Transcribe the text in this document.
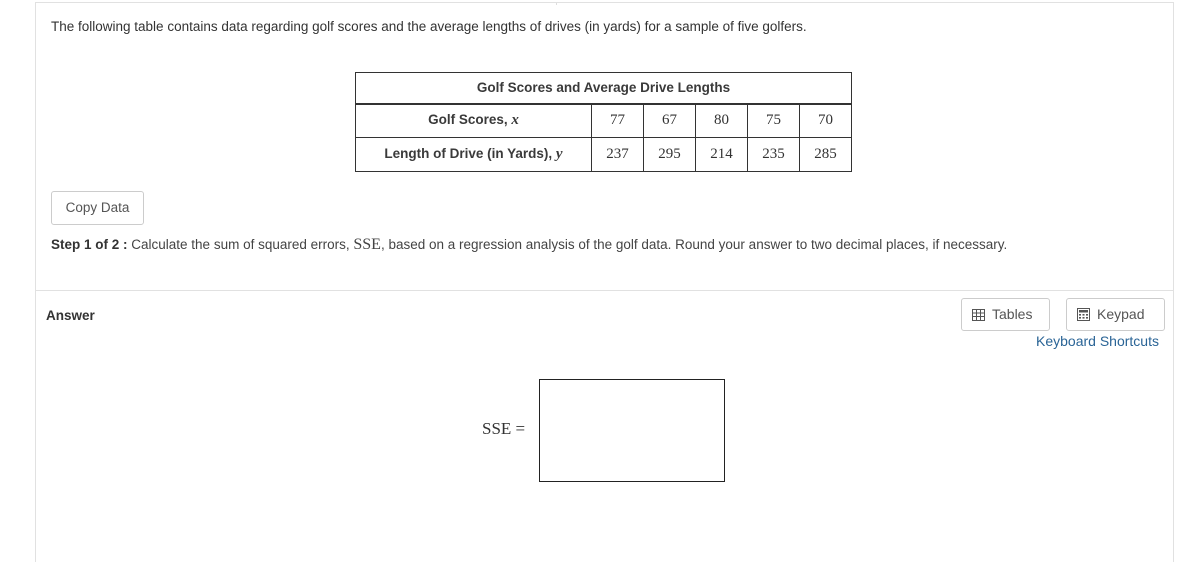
The following table contains data regarding golf scores and the average lengths of drives (in yards) for a sample of five golfers.
Golf Scores and Average Drive Lengths					
Golf Scores, x	77	67	80	75	70
Length of Drive (in Yards), y	237	295	214	235	285
Copy Data
Step 1 of 2 : Calculate the sum of squared errors, SSE, based on a regression analysis of the golf data. Round your answer to two decimal places, if necessary.
Answer	Tables	Keypad
Keyboard Shortcuts
SSE =
